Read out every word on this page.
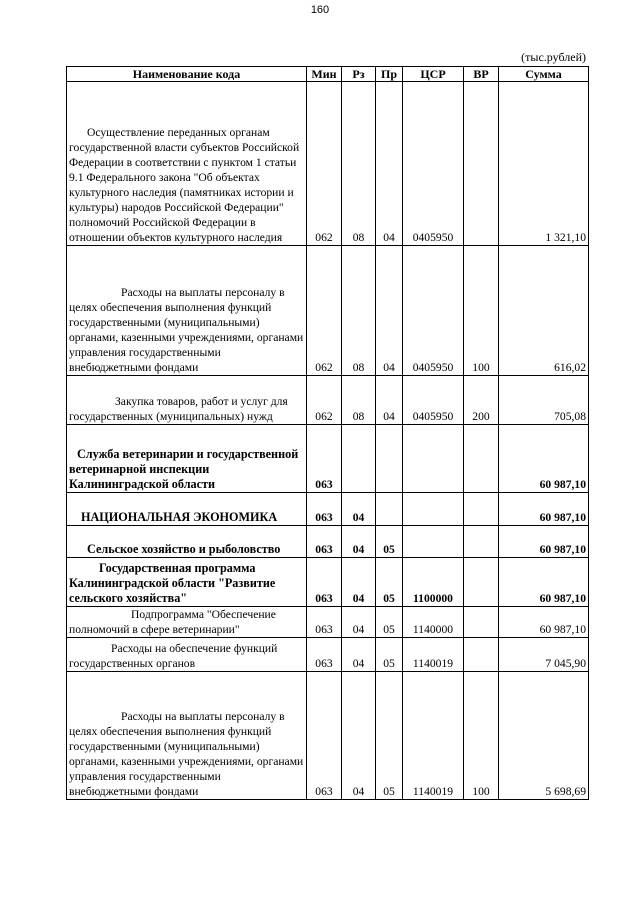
160
(тыс.рублей)
Наименование кода	Мин	Рз	Пр	ЦСР	ВР	Сумма
Осуществление переданных органам государственной власти субъектов Российской Федерации в соответствии с пунктом 1 статьи 9.1 Федерального закона "Об объектах культурного наследия (памятниках истории и культуры) народов Российской Федерации" полномочий Российской Федерации в отношении объектов культурного наследия	062	08	04	0405950		1 321,10
Расходы на выплаты персоналу в целях обеспечения выполнения функций государственными (муниципальными) органами, казенными учреждениями, органами управления государственными внебюджетными фондами	062	08	04	0405950	100	616,02
Закупка товаров, работ и услуг для государственных (муниципальных) нужд	062	08	04	0405950	200	705,08
Служба ветеринарии и государственной ветеринарной инспекции Калининградской области	063					60 987,10
НАЦИОНАЛЬНАЯ ЭКОНОМИКА	063	04				60 987,10
Сельское хозяйство и рыболовство	063	04	05			60 987,10
Государственная программа Калининградской области "Развитие сельского хозяйства"	063	04	05	1100000		60 987,10
Подпрограмма "Обеспечение полномочий в сфере ветеринарии"	063	04	05	1140000		60 987,10
Расходы на обеспечение функций государственных органов	063	04	05	1140019		7 045,90
Расходы на выплаты персоналу в целях обеспечения выполнения функций государственными (муниципальными) органами, казенными учреждениями, органами управления государственными внебюджетными фондами	063	04	05	1140019	100	5 698,69
